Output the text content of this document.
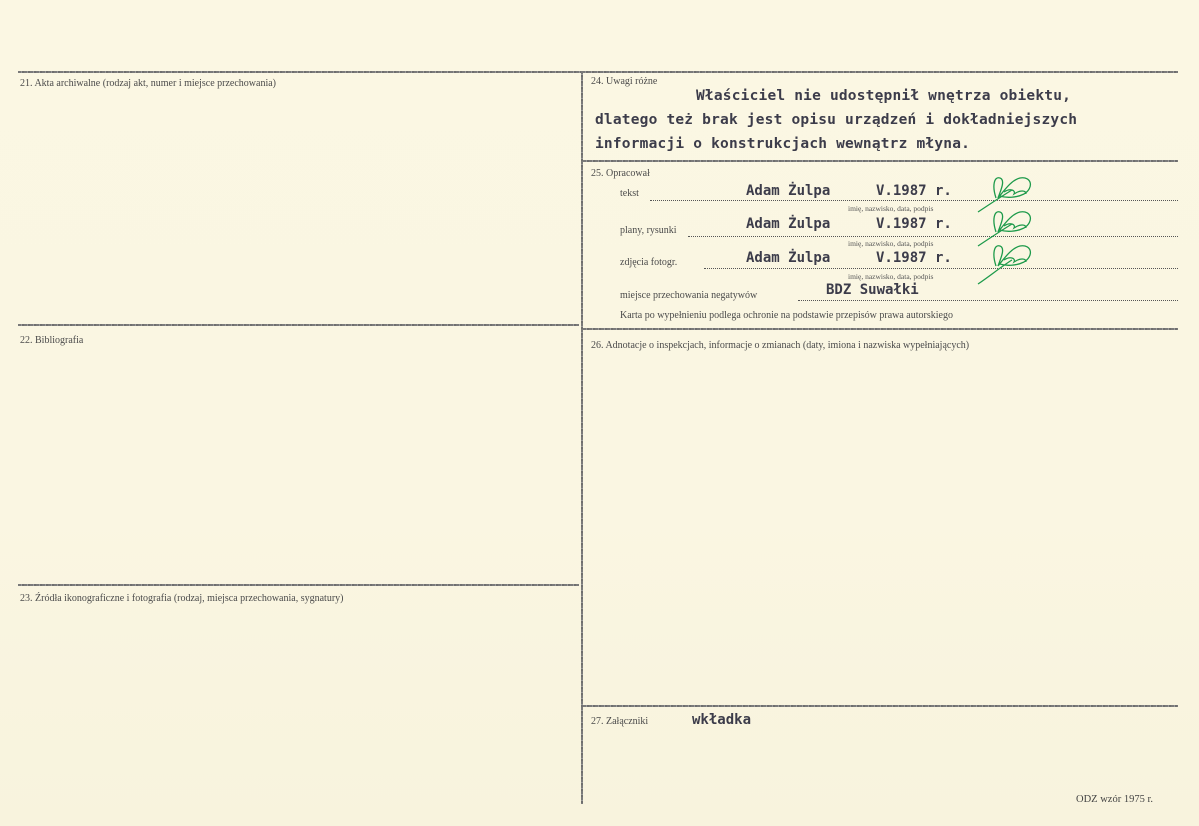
21. Akta archiwalne (rodzaj akt, numer i miejsce przechowania)
22. Bibliografia
23. Źródła ikonograficzne i fotografia (rodzaj, miejsca przechowania, sygnatury)
24. Uwagi różne
Właściciel nie udostępnił wnętrza obiektu,
dlatego też brak jest opisu urządzeń i dokładniejszych
informacji o konstrukcjach wewnątrz młyna.
25. Opracował
tekst	Adam Żulpa	V.1987 r.
imię, nazwisko, data, podpis
plany, rysunki	Adam Żulpa	V.1987 r.
imię, nazwisko, data, podpis
zdjęcia fotogr.	Adam Żulpa	V.1987 r.
imię, nazwisko, data, podpis
miejsce przechowania negatywów	BDZ Suwałki
Karta po wypełnieniu podlega ochronie na podstawie przepisów prawa autorskiego
26. Adnotacje o inspekcjach, informacje o zmianach (daty, imiona i nazwiska wypełniających)
27. Załączniki	wkładka
ODZ wzór 1975 r.
